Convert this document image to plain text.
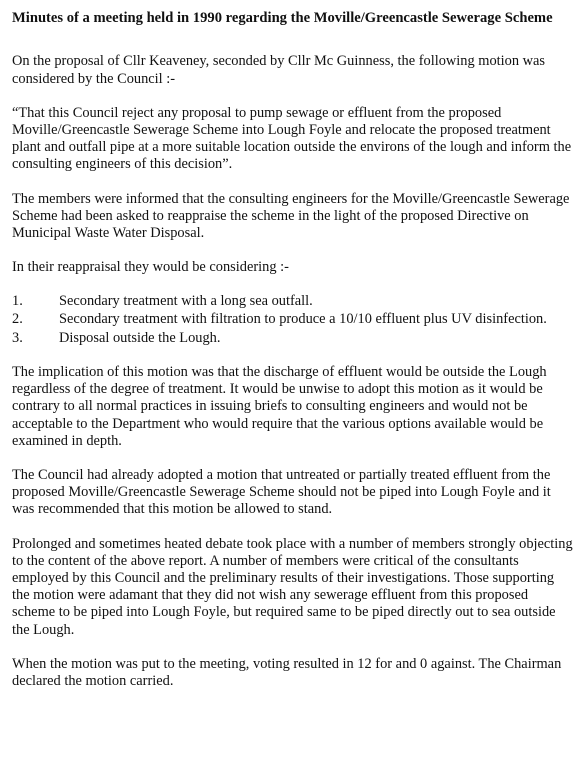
Minutes of a meeting held in 1990 regarding the Moville/Greencastle Sewerage Scheme

On the proposal of Cllr Keaveney, seconded by Cllr Mc Guinness, the following motion was considered by the Council :-

“That this Council reject any proposal to pump sewage or effluent from the proposed Moville/Greencastle Sewerage Scheme into Lough Foyle and relocate the proposed treatment plant and outfall pipe at a more suitable location outside the environs of the lough and inform the consulting engineers of this decision”.

The members were informed that the consulting engineers for the Moville/Greencastle Sewerage Scheme had been asked to reappraise the scheme in the light of the proposed Directive on Municipal Waste Water Disposal.

In their reappraisal they would be considering :-

1.	Secondary treatment with a long sea outfall.
2.	Secondary treatment with filtration to produce a 10/10 effluent plus UV disinfection.
3.	Disposal outside the Lough.

The implication of this motion was that the discharge of effluent would be outside the Lough regardless of the degree of treatment. It would be unwise to adopt this motion as it would be contrary to all normal practices in issuing briefs to consulting engineers and would not be acceptable to the Department who would require that the various options available would be examined in depth.

The Council had already adopted a motion that untreated or partially treated effluent from the proposed Moville/Greencastle Sewerage Scheme should not be piped into Lough Foyle and it was recommended that this motion be allowed to stand.

Prolonged and sometimes heated debate took place with a number of members strongly objecting to the content of the above report. A number of members were critical of the consultants employed by this Council and the preliminary results of their investigations. Those supporting the motion were adamant that they did not wish any sewerage effluent from this proposed scheme to be piped into Lough Foyle, but required same to be piped directly out to sea outside the Lough.

When the motion was put to the meeting, voting resulted in 12 for and 0 against. The Chairman declared the motion carried.
